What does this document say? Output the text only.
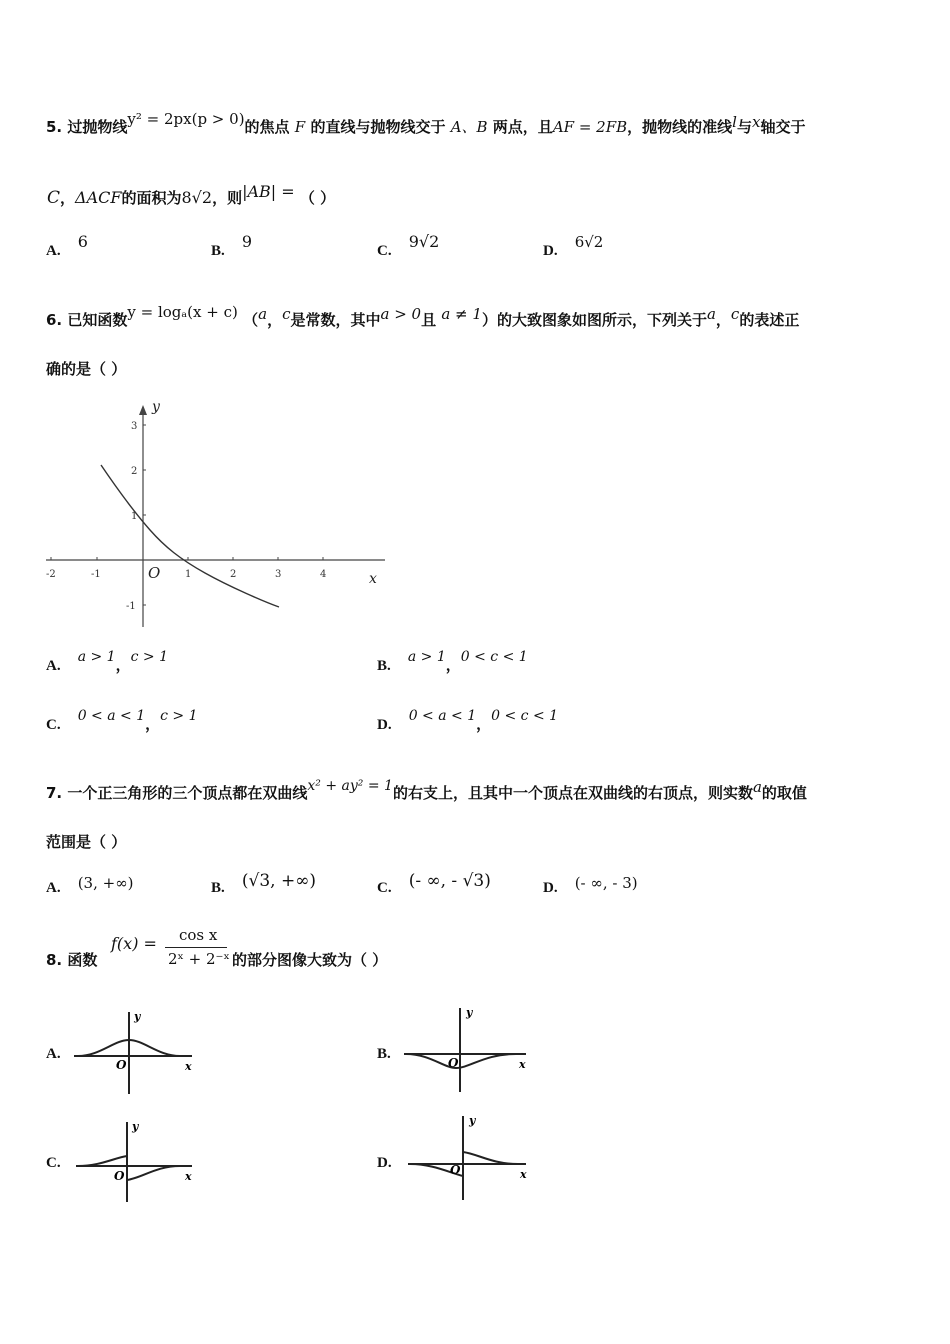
5. 过抛物线y² = 2px(p > 0)的焦点 F 的直线与抛物线交于 A、B 两点，且AF = 2FB，抛物线的准线l与x轴交于
C，ΔACF的面积为8√2，则|AB| = （ ）
A. 6	B. 9	C. 9√2	D. 6√2
6. 已知函数y = logₐ(x + c) （a，c是常数，其中a > 0且 a ≠ 1）的大致图象如图所示，下列关于a，c的表述正
确的是（ ）
-2	-1	1	2	3	4
3
2
1
-1
O	x
y
A. a > 1，c > 1
B. a > 1，0 < c < 1
C. 0 < a < 1，c > 1
D. 0 < a < 1，0 < c < 1
7. 一个正三角形的三个顶点都在双曲线x² + ay² = 1的右支上，且其中一个顶点在双曲线的右顶点，则实数a的取值
范围是（ ）
A. (3, +∞)	B. (√3, +∞)	C. (- ∞, - √3)	D. (- ∞, - 3)
8. 函数
f(x) = cos x
2ˣ + 2⁻ˣ 的部分图像大致为（ ）
A.
y
O	x
B.
y
O	x
C.
y
O	x
D.
y
O	x
